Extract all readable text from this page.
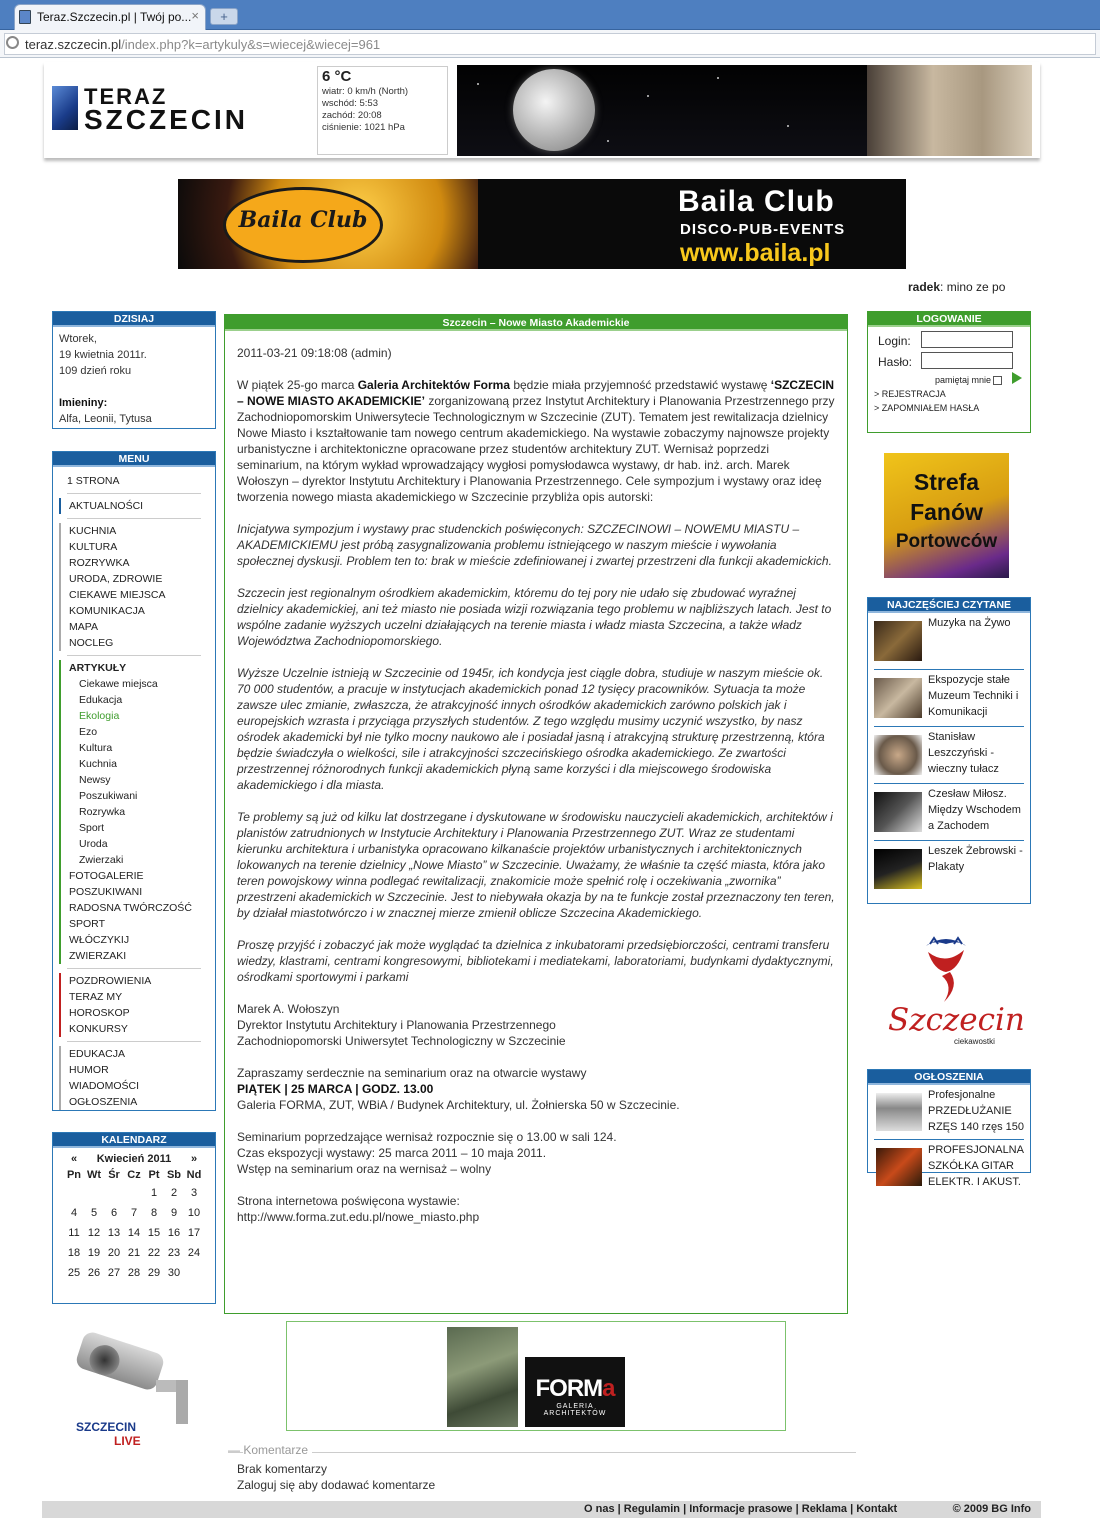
Teraz.Szczecin.pl | Twój po... ×	+
teraz.szczecin.pl/index.php?k=artykuly&s=wiecej&wiecej=961
TERAZ
SZCZECIN
6 °C
wiatr: 0 km/h (North)
wschód: 5:53
zachód: 20:08
ciśnienie: 1021 hPa
Baila Club
Baila Club
DISCO-PUB-EVENTS
www.baila.pl
radek: mino ze po
DZISIAJ
Wtorek,
19 kwietnia 2011r.
109 dzień roku
Imieniny:
Alfa, Leonii, Tytusa
MENU
1 STRONA
AKTUALNOŚCI
KUCHNIA
KULTURA
ROZRYWKA
URODA, ZDROWIE
CIEKAWE MIEJSCA
KOMUNIKACJA
MAPA
NOCLEG
ARTYKUŁY
Ciekawe miejsca
Edukacja
Ekologia
Ezo
Kultura
Kuchnia
Newsy
Poszukiwani
Rozrywka
Sport
Uroda
Zwierzaki
FOTOGALERIE
POSZUKIWANI
RADOSNA TWÓRCZOŚĆ
SPORT
WŁÓCZYKIJ
ZWIERZAKI
POZDROWIENIA
TERAZ MY
HOROSKOP
KONKURSY
EDUKACJA
HUMOR
WIADOMOŚCI
OGŁOSZENIA
KALENDARZ
«	Kwiecień 2011					»
Pn	Wt	Śr	Cz	Pt	Sb	Nd
				1	2	3
4	5	6	7	8	9	10
11	12	13	14	15	16	17
18	19	20	21	22	23	24
25	26	27	28	29	30	
SZCZECIN
LIVE
Szczecin – Nowe Miasto Akademickie

2011-03-21 09:18:08 (admin)

W piątek 25-go marca Galeria Architektów Forma będzie miała przyjemność przedstawić wystawę ‘SZCZECIN – NOWE MIASTO AKADEMICKIE’ zorganizowaną przez Instytut Architektury i Planowania Przestrzennego przy Zachodniopomorskim Uniwersytecie Technologicznym w Szczecinie (ZUT). Tematem jest rewitalizacja dzielnicy Nowe Miasto i kształtowanie tam nowego centrum akademickiego. Na wystawie zobaczymy najnowsze projekty urbanistyczne i architektoniczne opracowane przez studentów architektury ZUT. Wernisaż poprzedzi seminarium, na którym wykład wprowadzający wygłosi pomysłodawca wystawy, dr hab. inż. arch. Marek Wołoszyn – dyrektor Instytutu Architektury i Planowania Przestrzennego. Cele sympozjum i wystawy oraz ideę tworzenia nowego miasta akademickiego w Szczecinie przybliża opis autorski:

Inicjatywa sympozjum i wystawy prac studenckich poświęconych: SZCZECINOWI – NOWEMU MIASTU – AKADEMICKIEMU jest próbą zasygnalizowania problemu istniejącego w naszym mieście i wywołania społecznej dyskusji. Problem ten to: brak w mieście zdefiniowanej i zwartej przestrzeni dla funkcji akademickich.

Szczecin jest regionalnym ośrodkiem akademickim, któremu do tej pory nie udało się zbudować wyraźnej dzielnicy akademickiej, ani też miasto nie posiada wizji rozwiązania tego problemu w najbliższych latach. Jest to wspólne zadanie wyższych uczelni działających na terenie miasta i władz miasta Szczecina, a także władz Województwa Zachodniopomorskiego.

Wyższe Uczelnie istnieją w Szczecinie od 1945r, ich kondycja jest ciągle dobra, studiuje w naszym mieście ok. 70 000 studentów, a pracuje w instytucjach akademickich ponad 12 tysięcy pracowników. Sytuacja ta może zawsze ulec zmianie, zwłaszcza, że atrakcyjność innych ośrodków akademickich zarówno polskich jak i europejskich wzrasta i przyciąga przyszłych studentów. Z tego względu musimy uczynić wszystko, by nasz ośrodek akademicki był nie tylko mocny naukowo ale i posiadał jasną i atrakcyjną strukturę przestrzenną, która będzie świadczyła o wielkości, sile i atrakcyjności szczecińskiego ośrodka akademickiego. Ze zwartości przestrzennej różnorodnych funkcji akademickich płyną same korzyści i dla miejscowego środowiska akademickiego i dla miasta.

Te problemy są już od kilku lat dostrzegane i dyskutowane w środowisku nauczycieli akademickich, architektów i planistów zatrudnionych w Instytucie Architektury i Planowania Przestrzennego ZUT. Wraz ze studentami kierunku architektura i urbanistyka opracowano kilkanaście projektów urbanistycznych i architektonicznych lokowanych na terenie dzielnicy „Nowe Miasto” w Szczecinie. Uważamy, że właśnie ta część miasta, która jako teren powojskowy winna podlegać rewitalizacji, znakomicie może spełnić rolę i oczekiwania „zwornika” przestrzeni akademickich w Szczecinie. Jest to niebywała okazja by na te funkcje został przeznaczony ten teren, by działał miastotwórczo i w znacznej mierze zmienił oblicze Szczecina Akademickiego.

Proszę przyjść i zobaczyć jak może wyglądać ta dzielnica z inkubatorami przedsiębiorczości, centrami transferu wiedzy, klastrami, centrami kongresowymi, bibliotekami i mediatekami, laboratoriami, budynkami dydaktycznymi, ośrodkami sportowymi i parkami

Marek A. Wołoszyn
Dyrektor Instytutu Architektury i Planowania Przestrzennego
Zachodniopomorski Uniwersytet Technologiczny w Szczecinie

Zapraszamy serdecznie na seminarium oraz na otwarcie wystawy
PIĄTEK | 25 MARCA | GODZ. 13.00
Galeria FORMA, ZUT, WBiA / Budynek Architektury, ul. Żołnierska 50 w Szczecinie.

Seminarium poprzedzające wernisaż rozpocznie się o 13.00 w sali 124.
Czas ekspozycji wystawy: 25 marca 2011 – 10 maja 2011.
Wstęp na seminarium oraz na wernisaż – wolny

Strona internetowa poświęcona wystawie:
http://www.forma.zut.edu.pl/nowe_miasto.php

FORMa
GALERIA ARCHITEKTÓW
— Komentarze
Brak komentarzy
Zaloguj się aby dodawać komentarze
LOGOWANIE
Login:
Hasło:
pamiętaj mnie
> REJESTRACJA
> ZAPOMNIAŁEM HASŁA
Strefa
Fanów
Portowców
NAJCZĘŚCIEJ CZYTANE
Muzyka na Żywo
Ekspozycje stałe Muzeum Techniki i Komunikacji
Stanisław Leszczyński - wieczny tułacz
Czesław Miłosz. Między Wschodem a Zachodem
Leszek Żebrowski - Plakaty
Szczecin
ciekawostki
OGŁOSZENIA
Profesjonalne PRZEDŁUŻANIE RZĘS 140 rzęs 150
PROFESJONALNA SZKÓŁKA GITAR ELEKTR. I AKUST.
O nas | Regulamin | Informacje prasowe | Reklama | Kontakt	© 2009 BG Info
